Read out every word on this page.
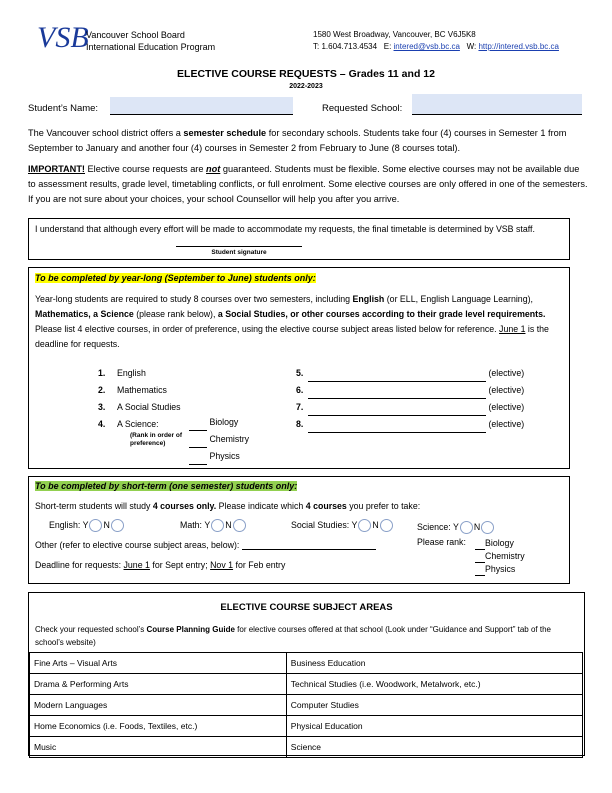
VSB
Vancouver School Board
International Education Program
1580 West Broadway, Vancouver, BC V6J5K8
T: 1.604.713.4534 E: intered@vsb.bc.ca W: http://intered.vsb.bc.ca
ELECTIVE COURSE REQUESTS – Grades 11 and 12
2022-2023
Student’s Name:	Requested School:

The Vancouver school district offers a semester schedule for secondary schools. Students take four (4) courses in Semester 1 from September to January and another four (4) courses in Semester 2 from February to June (8 courses total).

IMPORTANT! Elective course requests are not guaranteed. Students must be flexible. Some elective courses may not be available due to assessment results, grade level, timetabling conflicts, or full enrolment. Some elective courses are only offered in one of the semesters. If you are not sure about your choices, your school Counsellor will help you after you arrive.

I understand that although every effort will be made to accommodate my requests, the final timetable is determined by VSB staff.
Student signature
To be completed by year-long (September to June) students only:

Year-long students are required to study 8 courses over two semesters, including English (or ELL, English Language Learning), Mathematics, a Science (please rank below), a Social Studies, or other courses according to their grade level requirements. Please list 4 elective courses, in order of preference, using the elective course subject areas listed below for reference. June 1 is the deadline for requests.

1. English
2. Mathematics
3. A Social Studies
4. A Science:
(Rank in order of preference)
Biology
Chemistry
Physics
5.	(elective)
6.	(elective)
7.	(elective)
8.	(elective)
To be completed by short-term (one semester) students only:
Short-term students will study 4 courses only. Please indicate which 4 courses you prefer to take:
English: Y N	Math: Y N	Social Studies: Y N	Science: Y N
Other (refer to elective course subject areas, below):	Please rank:	Biology
Chemistry
Physics
Deadline for requests: June 1 for Sept entry; Nov 1 for Feb entry
ELECTIVE COURSE SUBJECT AREAS
Check your requested school’s Course Planning Guide for elective courses offered at that school (Look under “Guidance and Support” tab of the school’s website)
Fine Arts – Visual Arts	Business Education
Drama & Performing Arts	Technical Studies (i.e. Woodwork, Metalwork, etc.)
Modern Languages	Computer Studies
Home Economics (i.e. Foods, Textiles, etc.)	Physical Education
Music	Science
